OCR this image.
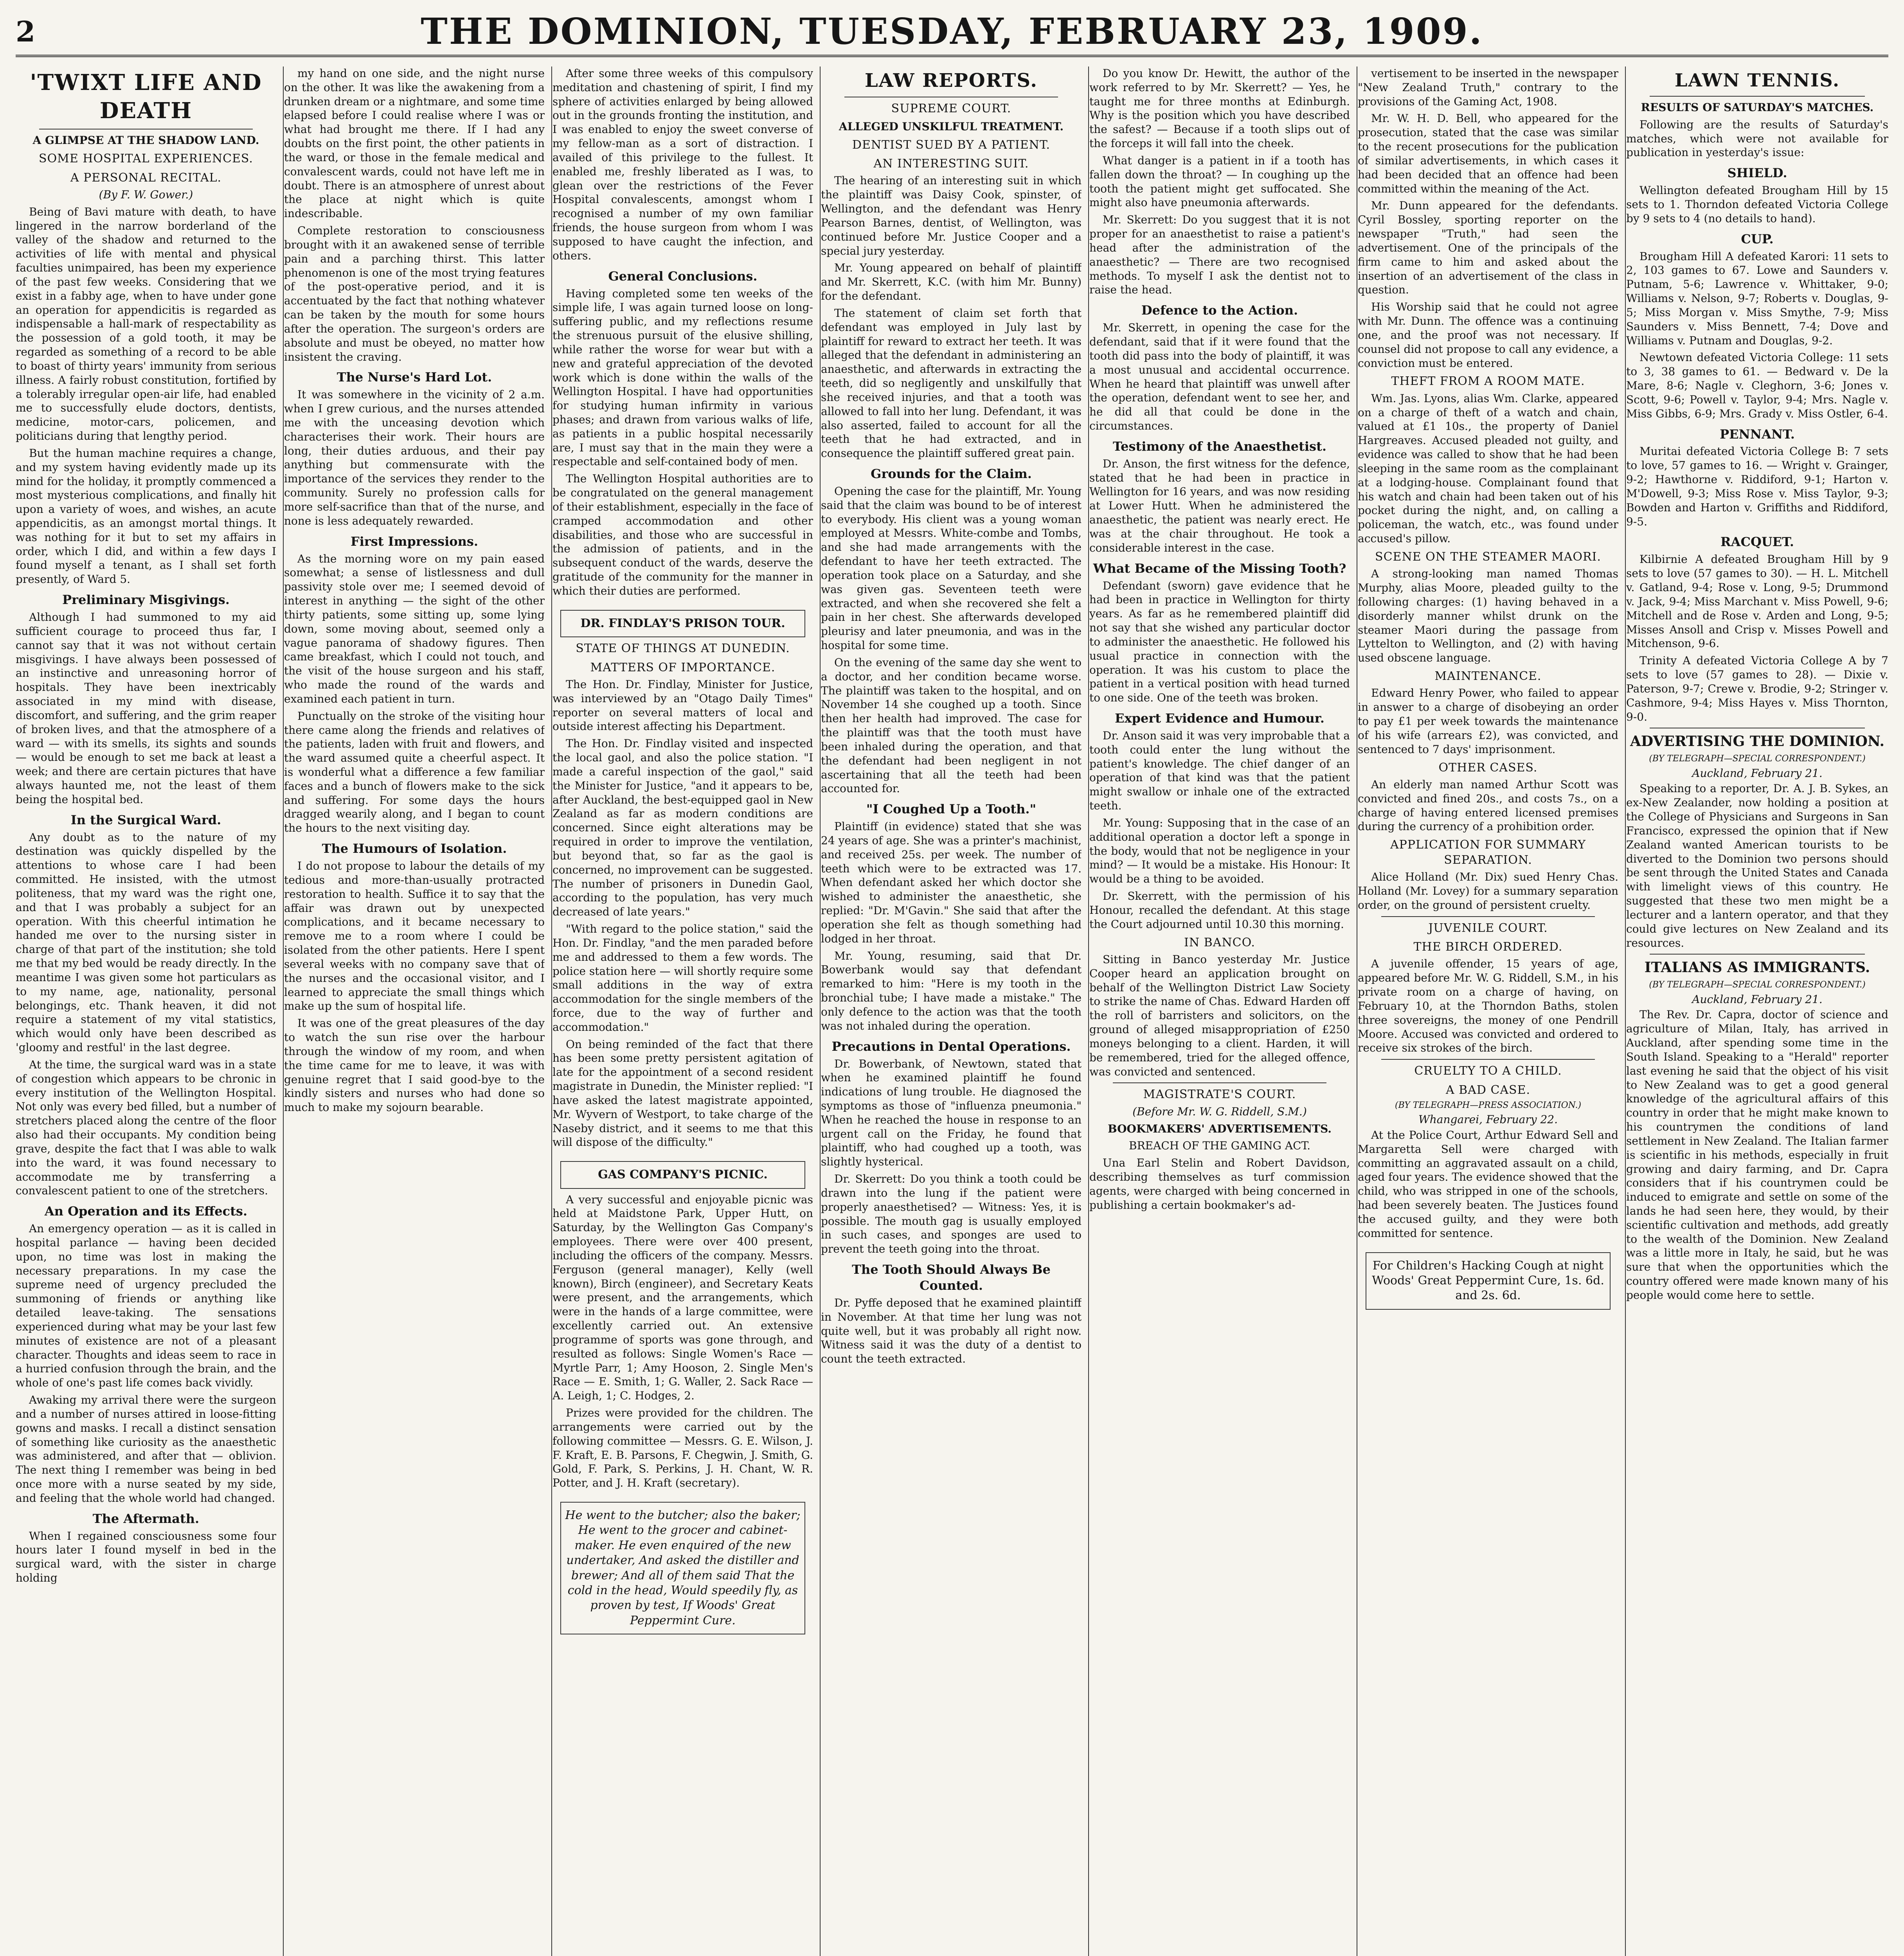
2	THE DOMINION, TUESDAY, FEBRUARY 23, 1909.
'TWIXT LIFE AND DEATH
A GLIMPSE AT THE SHADOW LAND.
SOME HOSPITAL EXPERIENCES.
A PERSONAL RECITAL.
(By F. W. Gower.)

Being of Bavi mature with death, to have lingered in the narrow borderland of the valley of the shadow and returned to the activities of life with mental and physical faculties unimpaired, has been my experience of the past few weeks. Considering that we exist in a fabby age, when to have under gone an operation for appendicitis is regarded as indispensable a hall-mark of respectability as the possession of a gold tooth, it may be regarded as something of a record to be able to boast of thirty years' immunity from serious illness. A fairly robust constitution, fortified by a tolerably irregular open-air life, had enabled me to successfully elude doctors, dentists, medicine, motor-cars, policemen, and politicians during that lengthy period.

But the human machine requires a change, and my system having evidently made up its mind for the holiday, it promptly commenced a most mysterious complications, and finally hit upon a variety of woes, and wishes, an acute appendicitis, as an amongst mortal things. It was nothing for it but to set my affairs in order, which I did, and within a few days I found myself a tenant, as I shall set forth presently, of Ward 5.

Preliminary Misgivings.

Although I had summoned to my aid sufficient courage to proceed thus far, I cannot say that it was not without certain misgivings. I have always been possessed of an instinctive and unreasoning horror of hospitals. They have been inextricably associated in my mind with disease, discomfort, and suffering, and the grim reaper of broken lives, and that the atmosphere of a ward — with its smells, its sights and sounds — would be enough to set me back at least a week; and there are certain pictures that have always haunted me, not the least of them being the hospital bed.

In the Surgical Ward.

Any doubt as to the nature of my destination was quickly dispelled by the attentions to whose care I had been committed. He insisted, with the utmost politeness, that my ward was the right one, and that I was probably a subject for an operation. With this cheerful intimation he handed me over to the nursing sister in charge of that part of the institution; she told me that my bed would be ready directly. In the meantime I was given some hot particulars as to my name, age, nationality, personal belongings, etc. Thank heaven, it did not require a statement of my vital statistics, which would only have been described as 'gloomy and restful' in the last degree.

At the time, the surgical ward was in a state of congestion which appears to be chronic in every institution of the Wellington Hospital. Not only was every bed filled, but a number of stretchers placed along the centre of the floor also had their occupants. My condition being grave, despite the fact that I was able to walk into the ward, it was found necessary to accommodate me by transferring a convalescent patient to one of the stretchers.

An Operation and its Effects.

An emergency operation — as it is called in hospital parlance — having been decided upon, no time was lost in making the necessary preparations. In my case the supreme need of urgency precluded the summoning of friends or anything like detailed leave-taking. The sensations experienced during what may be your last few minutes of existence are not of a pleasant character. Thoughts and ideas seem to race in a hurried confusion through the brain, and the whole of one's past life comes back vividly.

Awaking my arrival there were the surgeon and a number of nurses attired in loose-fitting gowns and masks. I recall a distinct sensation of something like curiosity as the anaesthetic was administered, and after that — oblivion. The next thing I remember was being in bed once more with a nurse seated by my side, and feeling that the whole world had changed.

The Aftermath.

When I regained consciousness some four hours later I found myself in bed in the surgical ward, with the sister in charge holding

my hand on one side, and the night nurse on the other. It was like the awakening from a drunken dream or a nightmare, and some time elapsed before I could realise where I was or what had brought me there. If I had any doubts on the first point, the other patients in the ward, or those in the female medical and convalescent wards, could not have left me in doubt. There is an atmosphere of unrest about the place at night which is quite indescribable.

Complete restoration to consciousness brought with it an awakened sense of terrible pain and a parching thirst. This latter phenomenon is one of the most trying features of the post-operative period, and it is accentuated by the fact that nothing whatever can be taken by the mouth for some hours after the operation. The surgeon's orders are absolute and must be obeyed, no matter how insistent the craving.

The Nurse's Hard Lot.

It was somewhere in the vicinity of 2 a.m. when I grew curious, and the nurses attended me with the unceasing devotion which characterises their work. Their hours are long, their duties arduous, and their pay anything but commensurate with the importance of the services they render to the community. Surely no profession calls for more self-sacrifice than that of the nurse, and none is less adequately rewarded.

First Impressions.

As the morning wore on my pain eased somewhat; a sense of listlessness and dull passivity stole over me; I seemed devoid of interest in anything — the sight of the other thirty patients, some sitting up, some lying down, some moving about, seemed only a vague panorama of shadowy figures. Then came breakfast, which I could not touch, and the visit of the house surgeon and his staff, who made the round of the wards and examined each patient in turn.

Punctually on the stroke of the visiting hour there came along the friends and relatives of the patients, laden with fruit and flowers, and the ward assumed quite a cheerful aspect. It is wonderful what a difference a few familiar faces and a bunch of flowers make to the sick and suffering. For some days the hours dragged wearily along, and I began to count the hours to the next visiting day.

The Humours of Isolation.

I do not propose to labour the details of my tedious and more-than-usually protracted restoration to health. Suffice it to say that the affair was drawn out by unexpected complications, and it became necessary to remove me to a room where I could be isolated from the other patients. Here I spent several weeks with no company save that of the nurses and the occasional visitor, and I learned to appreciate the small things which make up the sum of hospital life.

It was one of the great pleasures of the day to watch the sun rise over the harbour through the window of my room, and when the time came for me to leave, it was with genuine regret that I said good-bye to the kindly sisters and nurses who had done so much to make my sojourn bearable.

After some three weeks of this compulsory meditation and chastening of spirit, I find my sphere of activities enlarged by being allowed out in the grounds fronting the institution, and I was enabled to enjoy the sweet converse of my fellow-man as a sort of distraction. I availed of this privilege to the fullest. It enabled me, freshly liberated as I was, to glean over the restrictions of the Fever Hospital convalescents, amongst whom I recognised a number of my own familiar friends, the house surgeon from whom I was supposed to have caught the infection, and others.

General Conclusions.

Having completed some ten weeks of the simple life, I was again turned loose on long-suffering public, and my reflections resume the strenuous pursuit of the elusive shilling, while rather the worse for wear but with a new and grateful appreciation of the devoted work which is done within the walls of the Wellington Hospital. I have had opportunities for studying human infirmity in various phases; and drawn from various walks of life, as patients in a public hospital necessarily are, I must say that in the main they were a respectable and self-contained body of men.

The Wellington Hospital authorities are to be congratulated on the general management of their establishment, especially in the face of cramped accommodation and other disabilities, and those who are successful in the admission of patients, and in the subsequent conduct of the wards, deserve the gratitude of the community for the manner in which their duties are performed.

DR. FINDLAY'S PRISON TOUR.
STATE OF THINGS AT DUNEDIN.
MATTERS OF IMPORTANCE.

The Hon. Dr. Findlay, Minister for Justice, was interviewed by an "Otago Daily Times" reporter on several matters of local and outside interest affecting his Department.

The Hon. Dr. Findlay visited and inspected the local gaol, and also the police station. "I made a careful inspection of the gaol," said the Minister for Justice, "and it appears to be, after Auckland, the best-equipped gaol in New Zealand as far as modern conditions are concerned. Since eight alterations may be required in order to improve the ventilation, but beyond that, so far as the gaol is concerned, no improvement can be suggested. The number of prisoners in Dunedin Gaol, according to the population, has very much decreased of late years."

"With regard to the police station," said the Hon. Dr. Findlay, "and the men paraded before me and addressed to them a few words. The police station here — will shortly require some small additions in the way of extra accommodation for the single members of the force, due to the way of further and accommodation."

On being reminded of the fact that there has been some pretty persistent agitation of late for the appointment of a second resident magistrate in Dunedin, the Minister replied: "I have asked the latest magistrate appointed, Mr. Wyvern of Westport, to take charge of the Naseby district, and it seems to me that this will dispose of the difficulty."

GAS COMPANY'S PICNIC.

A very successful and enjoyable picnic was held at Maidstone Park, Upper Hutt, on Saturday, by the Wellington Gas Company's employees. There were over 400 present, including the officers of the company. Messrs. Ferguson (general manager), Kelly (well known), Birch (engineer), and Secretary Keats were present, and the arrangements, which were in the hands of a large committee, were excellently carried out. An extensive programme of sports was gone through, and resulted as follows: Single Women's Race — Myrtle Parr, 1; Amy Hooson, 2. Single Men's Race — E. Smith, 1; G. Waller, 2. Sack Race — A. Leigh, 1; C. Hodges, 2.

Prizes were provided for the children. The arrangements were carried out by the following committee — Messrs. G. E. Wilson, J. F. Kraft, E. B. Parsons, F. Chegwin, J. Smith, G. Gold, F. Park, S. Perkins, J. H. Chant, W. R. Potter, and J. H. Kraft (secretary).

He went to the butcher; also the baker; He went to the grocer and cabinet-maker. He even enquired of the new undertaker, And asked the distiller and brewer; And all of them said That the cold in the head, Would speedily fly, as proven by test, If Woods' Great Peppermint Cure.
LAW REPORTS.
SUPREME COURT.
ALLEGED UNSKILFUL TREATMENT.
DENTIST SUED BY A PATIENT.
AN INTERESTING SUIT.

The hearing of an interesting suit in which the plaintiff was Daisy Cook, spinster, of Wellington, and the defendant was Henry Pearson Barnes, dentist, of Wellington, was continued before Mr. Justice Cooper and a special jury yesterday.

Mr. Young appeared on behalf of plaintiff and Mr. Skerrett, K.C. (with him Mr. Bunny) for the defendant.

The statement of claim set forth that defendant was employed in July last by plaintiff for reward to extract her teeth. It was alleged that the defendant in administering an anaesthetic, and afterwards in extracting the teeth, did so negligently and unskilfully that she received injuries, and that a tooth was allowed to fall into her lung. Defendant, it was also asserted, failed to account for all the teeth that he had extracted, and in consequence the plaintiff suffered great pain.

Grounds for the Claim.

Opening the case for the plaintiff, Mr. Young said that the claim was bound to be of interest to everybody. His client was a young woman employed at Messrs. White-combe and Tombs, and she had made arrangements with the defendant to have her teeth extracted. The operation took place on a Saturday, and she was given gas. Seventeen teeth were extracted, and when she recovered she felt a pain in her chest. She afterwards developed pleurisy and later pneumonia, and was in the hospital for some time.

On the evening of the same day she went to a doctor, and her condition became worse. The plaintiff was taken to the hospital, and on November 14 she coughed up a tooth. Since then her health had improved. The case for the plaintiff was that the tooth must have been inhaled during the operation, and that the defendant had been negligent in not ascertaining that all the teeth had been accounted for.

"I Coughed Up a Tooth."

Plaintiff (in evidence) stated that she was 24 years of age. She was a printer's machinist, and received 25s. per week. The number of teeth which were to be extracted was 17. When defendant asked her which doctor she wished to administer the anaesthetic, she replied: "Dr. M'Gavin." She said that after the operation she felt as though something had lodged in her throat.

Mr. Young, resuming, said that Dr. Bowerbank would say that defendant remarked to him: "Here is my tooth in the bronchial tube; I have made a mistake." The only defence to the action was that the tooth was not inhaled during the operation.

Precautions in Dental Operations.

Dr. Bowerbank, of Newtown, stated that when he examined plaintiff he found indications of lung trouble. He diagnosed the symptoms as those of "influenza pneumonia." When he reached the house in response to an urgent call on the Friday, he found that plaintiff, who had coughed up a tooth, was slightly hysterical.

Dr. Skerrett: Do you think a tooth could be drawn into the lung if the patient were properly anaesthetised? — Witness: Yes, it is possible. The mouth gag is usually employed in such cases, and sponges are used to prevent the teeth going into the throat.

The Tooth Should Always Be Counted.

Dr. Pyffe deposed that he examined plaintiff in November. At that time her lung was not quite well, but it was probably all right now. Witness said it was the duty of a dentist to count the teeth extracted.

Do you know Dr. Hewitt, the author of the work referred to by Mr. Skerrett? — Yes, he taught me for three months at Edinburgh. Why is the position which you have described the safest? — Because if a tooth slips out of the forceps it will fall into the cheek.

What danger is a patient in if a tooth has fallen down the throat? — In coughing up the tooth the patient might get suffocated. She might also have pneumonia afterwards.

Mr. Skerrett: Do you suggest that it is not proper for an anaesthetist to raise a patient's head after the administration of the anaesthetic? — There are two recognised methods. To myself I ask the dentist not to raise the head.

Defence to the Action.

Mr. Skerrett, in opening the case for the defendant, said that if it were found that the tooth did pass into the body of plaintiff, it was a most unusual and accidental occurrence. When he heard that plaintiff was unwell after the operation, defendant went to see her, and he did all that could be done in the circumstances.

Testimony of the Anaesthetist.

Dr. Anson, the first witness for the defence, stated that he had been in practice in Wellington for 16 years, and was now residing at Lower Hutt. When he administered the anaesthetic, the patient was nearly erect. He was at the chair throughout. He took a considerable interest in the case.

What Became of the Missing Tooth?

Defendant (sworn) gave evidence that he had been in practice in Wellington for thirty years. As far as he remembered plaintiff did not say that she wished any particular doctor to administer the anaesthetic. He followed his usual practice in connection with the operation. It was his custom to place the patient in a vertical position with head turned to one side. One of the teeth was broken.

Expert Evidence and Humour.

Dr. Anson said it was very improbable that a tooth could enter the lung without the patient's knowledge. The chief danger of an operation of that kind was that the patient might swallow or inhale one of the extracted teeth.

Mr. Young: Supposing that in the case of an additional operation a doctor left a sponge in the body, would that not be negligence in your mind? — It would be a mistake. His Honour: It would be a thing to be avoided.

Dr. Skerrett, with the permission of his Honour, recalled the defendant. At this stage the Court adjourned until 10.30 this morning.

IN BANCO.

Sitting in Banco yesterday Mr. Justice Cooper heard an application brought on behalf of the Wellington District Law Society to strike the name of Chas. Edward Harden off the roll of barristers and solicitors, on the ground of alleged misappropriation of £250 moneys belonging to a client. Harden, it will be remembered, tried for the alleged offence, was convicted and sentenced.

MAGISTRATE'S COURT.
(Before Mr. W. G. Riddell, S.M.)
BOOKMAKERS' ADVERTISEMENTS.
BREACH OF THE GAMING ACT.

Una Earl Stelin and Robert Davidson, describing themselves as turf commission agents, were charged with being concerned in publishing a certain bookmaker's ad-

vertisement to be inserted in the newspaper "New Zealand Truth," contrary to the provisions of the Gaming Act, 1908.

Mr. W. H. D. Bell, who appeared for the prosecution, stated that the case was similar to the recent prosecutions for the publication of similar advertisements, in which cases it had been decided that an offence had been committed within the meaning of the Act.

Mr. Dunn appeared for the defendants. Cyril Bossley, sporting reporter on the newspaper "Truth," had seen the advertisement. One of the principals of the firm came to him and asked about the insertion of an advertisement of the class in question.

His Worship said that he could not agree with Mr. Dunn. The offence was a continuing one, and the proof was not necessary. If counsel did not propose to call any evidence, a conviction must be entered.

THEFT FROM A ROOM MATE.

Wm. Jas. Lyons, alias Wm. Clarke, appeared on a charge of theft of a watch and chain, valued at £1 10s., the property of Daniel Hargreaves. Accused pleaded not guilty, and evidence was called to show that he had been sleeping in the same room as the complainant at a lodging-house. Complainant found that his watch and chain had been taken out of his pocket during the night, and, on calling a policeman, the watch, etc., was found under accused's pillow.

SCENE ON THE STEAMER MAORI.

A strong-looking man named Thomas Murphy, alias Moore, pleaded guilty to the following charges: (1) having behaved in a disorderly manner whilst drunk on the steamer Maori during the passage from Lyttelton to Wellington, and (2) with having used obscene language.

MAINTENANCE.

Edward Henry Power, who failed to appear in answer to a charge of disobeying an order to pay £1 per week towards the maintenance of his wife (arrears £2), was convicted, and sentenced to 7 days' imprisonment.

OTHER CASES.

An elderly man named Arthur Scott was convicted and fined 20s., and costs 7s., on a charge of having entered licensed premises during the currency of a prohibition order.

APPLICATION FOR SUMMARY SEPARATION.

Alice Holland (Mr. Dix) sued Henry Chas. Holland (Mr. Lovey) for a summary separation order, on the ground of persistent cruelty.

JUVENILE COURT.
THE BIRCH ORDERED.

A juvenile offender, 15 years of age, appeared before Mr. W. G. Riddell, S.M., in his private room on a charge of having, on February 10, at the Thorndon Baths, stolen three sovereigns, the money of one Pendrill Moore. Accused was convicted and ordered to receive six strokes of the birch.

CRUELTY TO A CHILD.
A BAD CASE.
(BY TELEGRAPH—PRESS ASSOCIATION.)
Whangarei, February 22.

At the Police Court, Arthur Edward Sell and Margaretta Sell were charged with committing an aggravated assault on a child, aged four years. The evidence showed that the child, who was stripped in one of the schools, had been severely beaten. The Justices found the accused guilty, and they were both committed for sentence.

For Children's Hacking Cough at night Woods' Great Peppermint Cure, 1s. 6d. and 2s. 6d.
LAWN TENNIS.
RESULTS OF SATURDAY'S MATCHES.

Following are the results of Saturday's matches, which were not available for publication in yesterday's issue:

SHIELD.

Wellington defeated Brougham Hill by 15 sets to 1. Thorndon defeated Victoria College by 9 sets to 4 (no details to hand).

CUP.

Brougham Hill A defeated Karori: 11 sets to 2, 103 games to 67. Lowe and Saunders v. Putnam, 5-6; Lawrence v. Whittaker, 9-0; Williams v. Nelson, 9-7; Roberts v. Douglas, 9-5; Miss Morgan v. Miss Smythe, 7-9; Miss Saunders v. Miss Bennett, 7-4; Dove and Williams v. Putnam and Douglas, 9-2.

Newtown defeated Victoria College: 11 sets to 3, 38 games to 61. — Bedward v. De la Mare, 8-6; Nagle v. Cleghorn, 3-6; Jones v. Scott, 9-6; Powell v. Taylor, 9-4; Mrs. Nagle v. Miss Gibbs, 6-9; Mrs. Grady v. Miss Ostler, 6-4.

PENNANT.

Muritai defeated Victoria College B: 7 sets to love, 57 games to 16. — Wright v. Grainger, 9-2; Hawthorne v. Riddiford, 9-1; Harton v. M'Dowell, 9-3; Miss Rose v. Miss Taylor, 9-3; Bowden and Harton v. Griffiths and Riddiford, 9-5.

RACQUET.

Kilbirnie A defeated Brougham Hill by 9 sets to love (57 games to 30). — H. L. Mitchell v. Gatland, 9-4; Rose v. Long, 9-5; Drummond v. Jack, 9-4; Miss Marchant v. Miss Powell, 9-6; Mitchell and de Rose v. Arden and Long, 9-5; Misses Ansoll and Crisp v. Misses Powell and Mitchenson, 9-6.

Trinity A defeated Victoria College A by 7 sets to love (57 games to 28). — Dixie v. Paterson, 9-7; Crewe v. Brodie, 9-2; Stringer v. Cashmore, 9-4; Miss Hayes v. Miss Thornton, 9-0.

ADVERTISING THE DOMINION.
(BY TELEGRAPH—SPECIAL CORRESPONDENT.)
Auckland, February 21.

Speaking to a reporter, Dr. A. J. B. Sykes, an ex-New Zealander, now holding a position at the College of Physicians and Surgeons in San Francisco, expressed the opinion that if New Zealand wanted American tourists to be diverted to the Dominion two persons should be sent through the United States and Canada with limelight views of this country. He suggested that these two men might be a lecturer and a lantern operator, and that they could give lectures on New Zealand and its resources.

ITALIANS AS IMMIGRANTS.
(BY TELEGRAPH—SPECIAL CORRESPONDENT.)
Auckland, February 21.

The Rev. Dr. Capra, doctor of science and agriculture of Milan, Italy, has arrived in Auckland, after spending some time in the South Island. Speaking to a "Herald" reporter last evening he said that the object of his visit to New Zealand was to get a good general knowledge of the agricultural affairs of this country in order that he might make known to his countrymen the conditions of land settlement in New Zealand. The Italian farmer is scientific in his methods, especially in fruit growing and dairy farming, and Dr. Capra considers that if his countrymen could be induced to emigrate and settle on some of the lands he had seen here, they would, by their scientific cultivation and methods, add greatly to the wealth of the Dominion. New Zealand was a little more in Italy, he said, but he was sure that when the opportunities which the country offered were made known many of his people would come here to settle.
